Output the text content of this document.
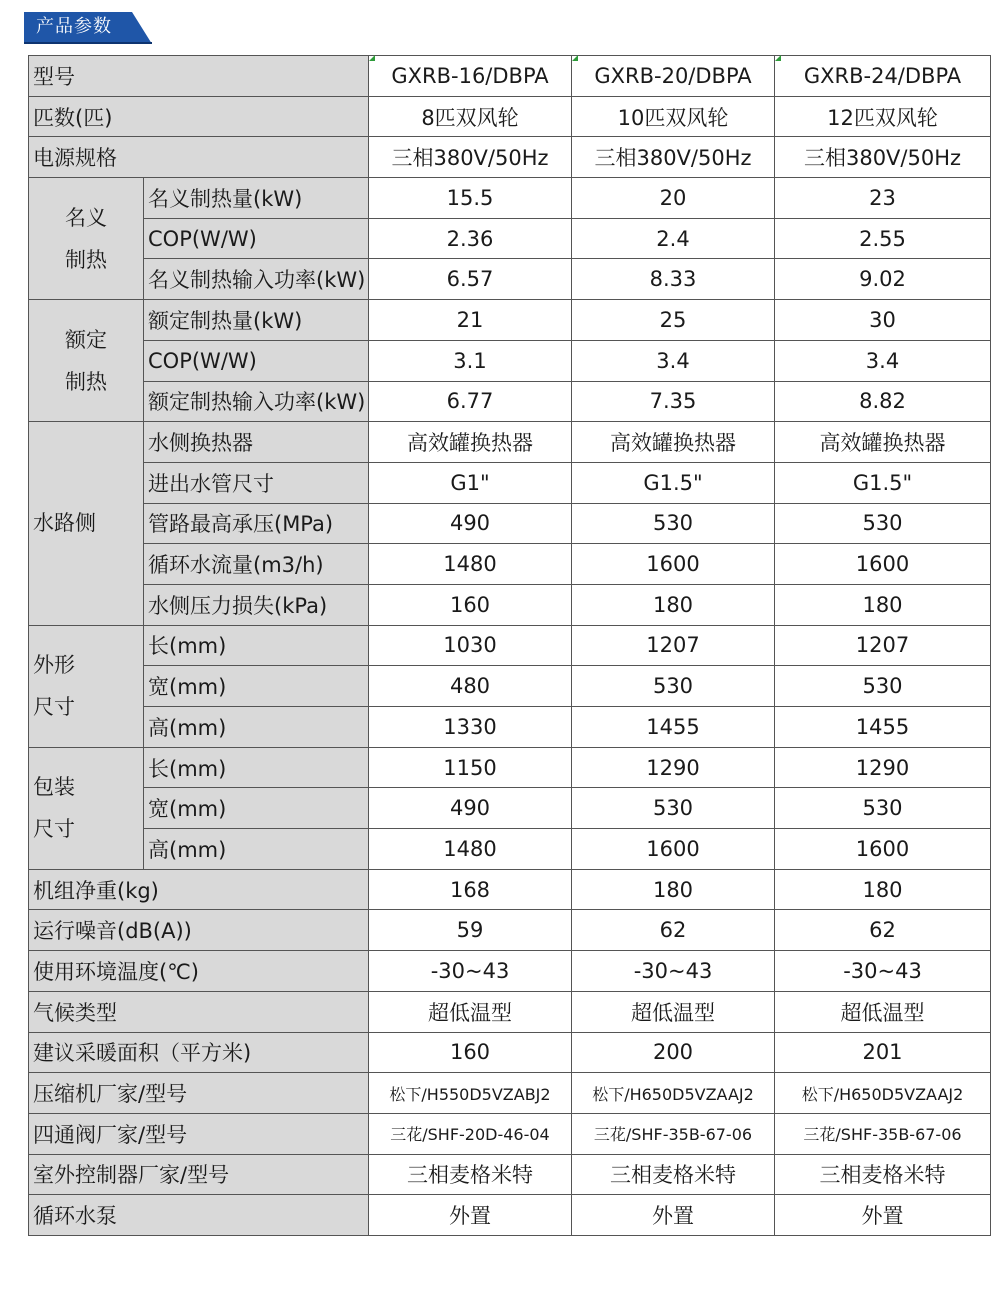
产品参数
型号		GXRB-16/DBPA	GXRB-20/DBPA	GXRB-24/DBPA
匹数(匹)		8匹双风轮	10匹双风轮	12匹双风轮
电源规格		三相380V/50Hz	三相380V/50Hz	三相380V/50Hz

名义
制热	名义制热量(kW)	15.5	20	23
	COP(W/W)	2.36	2.4	2.55
	名义制热输入功率(kW)	6.57	8.33	9.02

额定
制热	额定制热量(kW)	21	25	30
	COP(W/W)	3.1	3.4	3.4
	额定制热输入功率(kW)	6.77	7.35	8.82

水路侧	水侧换热器	高效罐换热器	高效罐换热器	高效罐换热器
	进出水管尺寸	G1"	G1.5"	G1.5"
	管路最高承压(MPa)	490	530	530
	循环水流量(m3/h)	1480	1600	1600
	水侧压力损失(kPa)	160	180	180

外形
尺寸	长(mm)	1030	1207	1207
	宽(mm)	480	530	530
	高(mm)	1330	1455	1455

包装
尺寸	长(mm)	1150	1290	1290
	宽(mm)	490	530	530
	高(mm)	1480	1600	1600
机组净重(kg)		168	180	180
运行噪音(dB(A))		59	62	62
使用环境温度(℃)		-30~43	-30~43	-30~43
气候类型		超低温型	超低温型	超低温型
建议采暖面积（平方米)		160	200	201
压缩机厂家/型号		松下/H550D5VZABJ2	松下/H650D5VZAAJ2	松下/H650D5VZAAJ2
四通阀厂家/型号		三花/SHF-20D-46-04	三花/SHF-35B-67-06	三花/SHF-35B-67-06
室外控制器厂家/型号		三相麦格米特	三相麦格米特	三相麦格米特
循环水泵		外置	外置	外置
